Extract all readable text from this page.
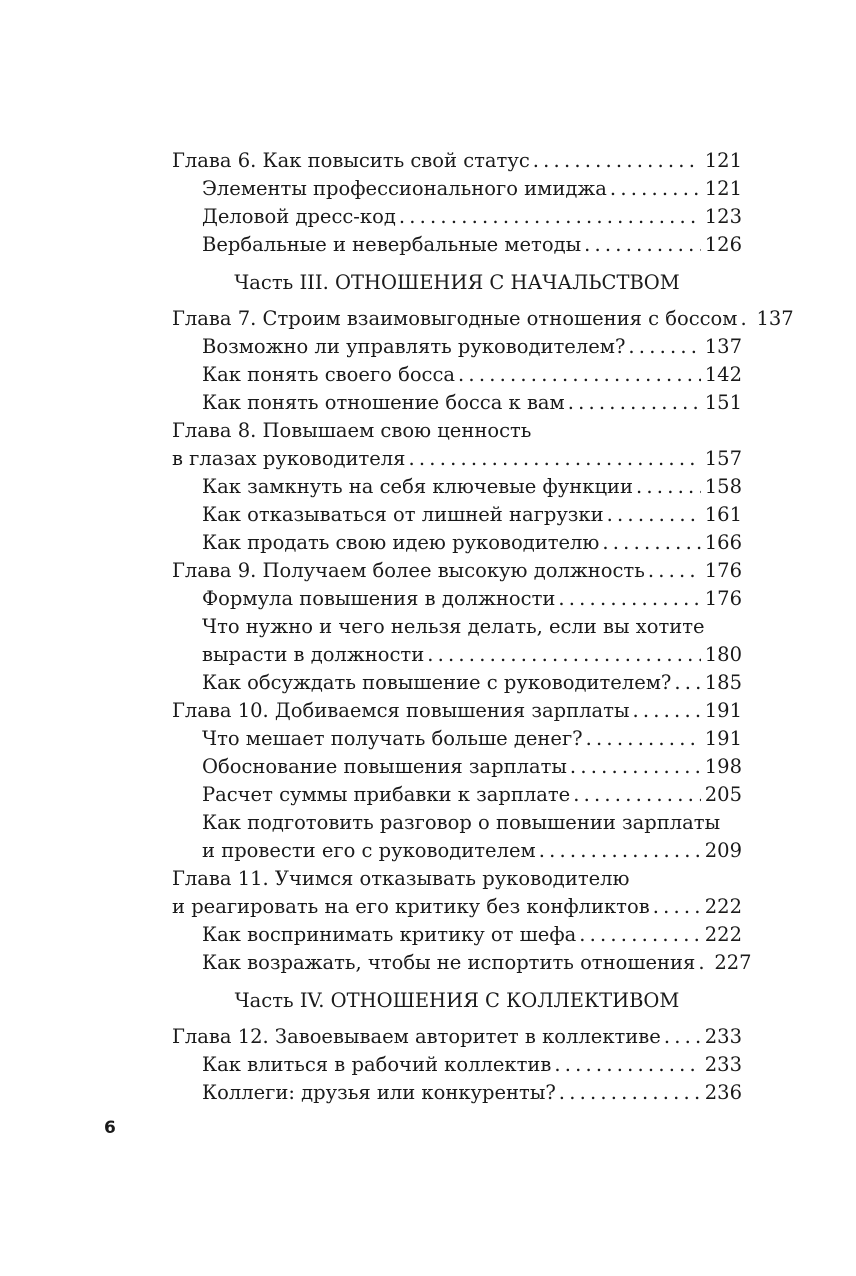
Глава 6. Как повысить свой статус . . .	121
Элементы профессионального имиджа . . .	121
Деловой дресс-код . . .	123
Вербальные и невербальные методы . . .	126
Часть III. ОТНОШЕНИЯ С НАЧАЛЬСТВОМ
Глава 7. Строим взаимовыгодные отношения с боссом . . . 137
Возможно ли управлять руководителем? . . .	137
Как понять своего босса . . .	142
Как понять отношение босса к вам . . .	151
Глава 8. Повышаем свою ценность
в глазах руководителя . . .	157
Как замкнуть на себя ключевые функции . . .	158
Как отказываться от лишней нагрузки . . .	161
Как продать свою идею руководителю . . .	166
Глава 9. Получаем более высокую должность . . .	176
Формула повышения в должности . . .	176
Что нужно и чего нельзя делать, если вы хотите
вырасти в должности . . .	180
Как обсуждать повышение с руководителем? . . . 185
Глава 10. Добиваемся повышения зарплаты . . .	191
Что мешает получать больше денег? . . .	191
Обоснование повышения зарплаты . . .	198
Расчет суммы прибавки к зарплате . . .	205
Как подготовить разговор о повышении зарплаты
и провести его с руководителем . . .	209
Глава 11. Учимся отказывать руководителю
и реагировать на его критику без конфликтов . . .	222
Как воспринимать критику от шефа . . .	222
Как возражать, чтобы не испортить отношения . . . 227
Часть IV. ОТНОШЕНИЯ С КОЛЛЕКТИВОМ
Глава 12. Завоевываем авторитет в коллективе . . . 233
Как влиться в рабочий коллектив . . .	233
Коллеги: друзья или конкуренты? . . .	236
6
